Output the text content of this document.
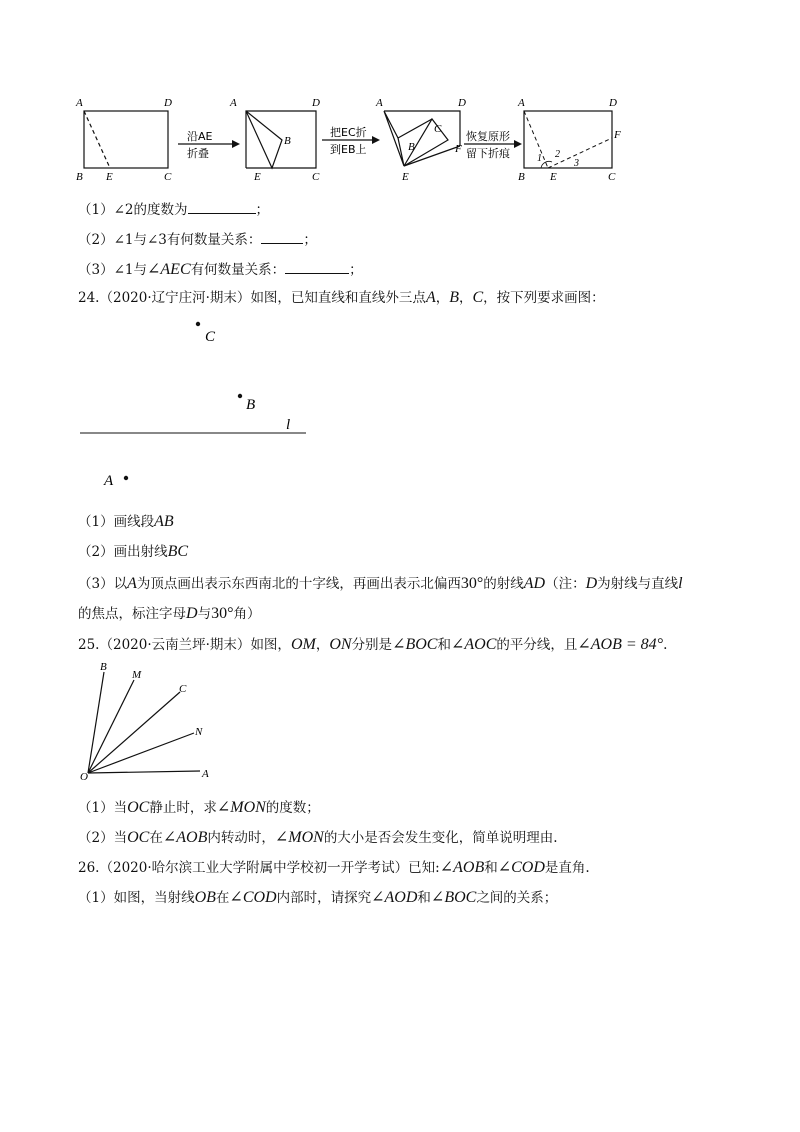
A	D
B E	C
沿AE
折叠
A	D
B
E	C
把EC折
到EB上
A	D
C
B	F
E
恢复原形
留下折痕
A	D
F
1 2
3
B E	C
（1）∠2的度数为	；
（2）∠1与∠3有何数量关系：	；
（3）∠1与∠AEC有何数量关系：	；
24.（2020·辽宁庄河·期末）如图，已知直线和直线外三点A，B，C，按下列要求画图：
C
B
l
A
（1）画线段AB
（2）画出射线BC
（3）以A为顶点画出表示东西南北的十字线，再画出表示北偏西30°的射线AD（注：D为射线与直线l
的焦点，标注字母D与30°角）
25.（2020·云南兰坪·期末）如图，OM，ON分别是∠BOC和∠AOC的平分线，且∠AOB = 84°.
B
M
C
N
O	A
（1）当OC静止时，求∠MON的度数；
（2）当OC在∠AOB内转动时，∠MON的大小是否会发生变化，简单说明理由.
26.（2020·哈尔滨工业大学附属中学校初一开学考试）已知:∠AOB和∠COD是直角.
（1）如图，当射线OB在∠COD内部时，请探究∠AOD和∠BOC之间的关系；
